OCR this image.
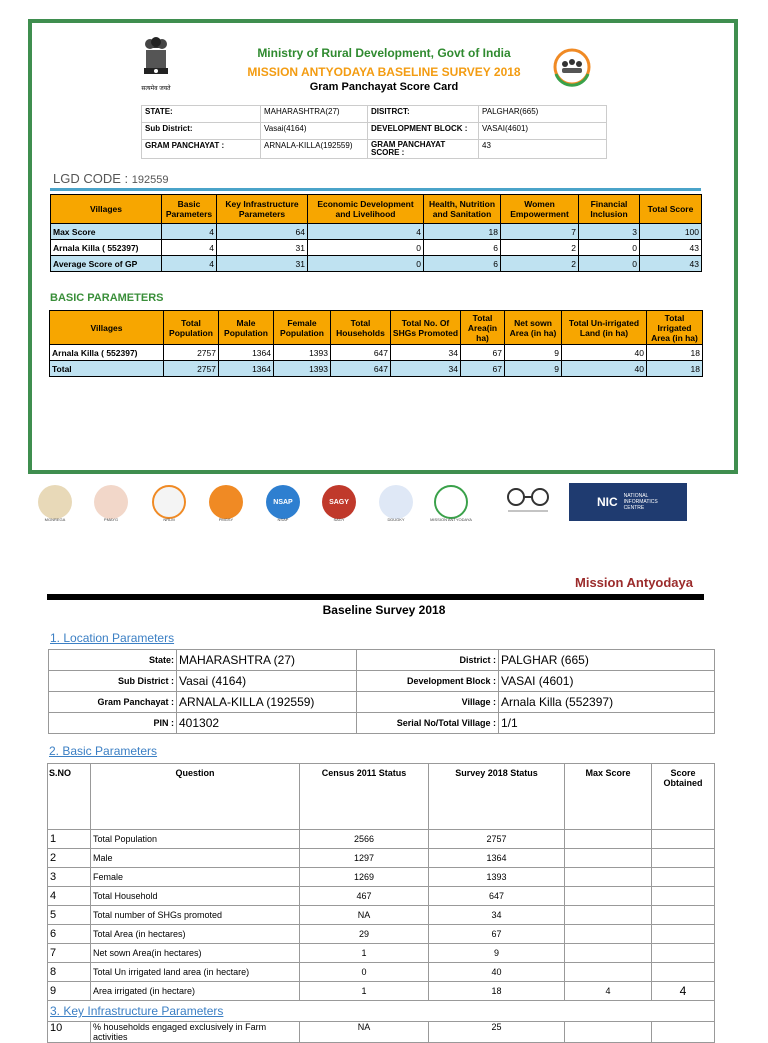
सत्यमेव जयते
Ministry of Rural Development, Govt of India
MISSION ANTYODAYA BASELINE SURVEY 2018
Gram Panchayat Score Card
STATE:	MAHARASHTRA(27)	DISITRCT:	PALGHAR(665)
Sub District:	Vasai(4164)	DEVELOPMENT BLOCK :	VASAI(4601)
GRAM PANCHAYAT :	ARNALA-KILLA(192559)	GRAM PANCHAYAT SCORE :	43
LGD CODE : 192559
Villages	Basic Parameters	Key Infrastructure Parameters	Economic Development and Livelihood	Health, Nutrition and Sanitation	Women Empowerment	Financial Inclusion	Total Score
Max Score	4	64	4	18	7	3	100
Arnala Killa ( 552397)	4	31	0	6	2	0	43
Average Score of GP	4	31	0	6	2	0	43
BASIC PARAMETERS
Villages	Total Population	Male Population	Female Population	Total Households	Total No. Of SHGs Promoted	Total Area(in ha)	Net sown Area (in ha)	Total Un-irrigated Land (in ha)	Total Irrigated Area (in ha)
Arnala Killa ( 552397)	2757	1364	1393	647	34	67	9	40	18
Total	2757	1364	1393	647	34	67	9	40	18
MGNREGA	PMAYG	NRLM	PMGSY
NSAP
NSAP
SAGY
SAGY	DDUGKY	MISSION ANTYODAYA
NIC NATIONAL INFORMATICS CENTRE
Mission Antyodaya
Baseline Survey 2018
1. Location Parameters
State:	MAHARASHTRA (27)	District :	PALGHAR (665)
Sub District :	Vasai (4164)	Development Block :	VASAI (4601)
Gram Panchayat :	ARNALA-KILLA (192559)	Village :	Arnala Killa (552397)
PIN :	401302	Serial No/Total Village :	1/1
2. Basic Parameters
S.NO	Question	Census 2011 Status	Survey 2018 Status	Max Score	Score Obtained
1	Total Population	2566	2757		
2	Male	1297	1364		
3	Female	1269	1393		
4	Total Household	467	647		
5	Total number of SHGs promoted	NA	34		
6	Total Area (in hectares)	29	67		
7	Net sown Area(in hectares)	1	9		
8	Total Un irrigated land area (in hectare)	0	40		
9	Area irrigated (in hectare)	1	18	4	4
3. Key Infrastructure Parameters					
10	% households engaged exclusively in Farm activities	NA	25		
